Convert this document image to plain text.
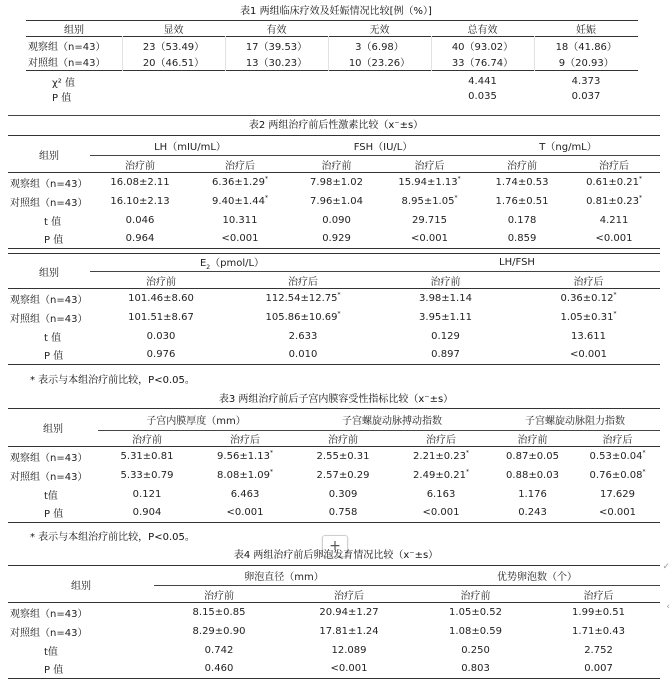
表1 两组临床疗效及妊娠情况比较[例（%）]
组别	显效	有效	无效	总有效	妊娠
观察组（n=43）	23（53.49）	17（39.53）	3（6.98）	40（93.02）	18（41.86）
对照组（n=43）	20（46.51）	13（30.23）	10（23.26）	33（76.74）	9（20.93）
χ² 值				4.441	4.373
P 值				0.035	0.037
表2 两组治疗前后性激素比较（x⁻±s）
组别	LH（mIU/mL）		FSH（IU/L）		T（ng/mL）	
	治疗前	治疗后	治疗前	治疗后	治疗前	治疗后
观察组（n=43）	16.08±2.11	6.36±1.29*	7.98±1.02	15.94±1.13*	1.74±0.53	0.61±0.21*
对照组（n=43）	16.10±2.13	9.40±1.44*	7.96±1.04	8.95±1.05*	1.76±0.51	0.81±0.23*
t 值	0.046	10.311	0.090	29.715	0.178	4.211
P 值	0.964	<0.001	0.929	<0.001	0.859	<0.001
组别	$E_2(pmol/L)$		LH/FSH	
	治疗前	治疗后	治疗前	治疗后
观察组（n=43）	101.46±8.60	112.54±12.75*	3.98±1.14	0.36±0.12*
对照组（n=43）	101.51±8.67	105.86±10.69*	3.95±1.11	1.05±0.31*
t 值	0.030	2.633	0.129	13.611
P 值	0.976	0.010	0.897	<0.001
* 表示与本组治疗前比较，P<0.05。
表3 两组治疗前后子宫内膜容受性指标比较（x⁻±s）
组别	子宫内膜厚度（mm）		子宫螺旋动脉搏动指数		子宫螺旋动脉阻力指数	
	治疗前	治疗后	治疗前	治疗后	治疗前	治疗后
观察组（n=43）	5.31±0.81	9.56±1.13*	2.55±0.31	2.21±0.23*	0.87±0.05	0.53±0.04*
对照组（n=43）	5.33±0.79	8.08±1.09*	2.57±0.29	2.49±0.21*	0.88±0.03	0.76±0.08*
t值	0.121	6.463	0.309	6.163	1.176	17.629
P 值	0.904	<0.001	0.758	<0.001	0.243	<0.001
* 表示与本组治疗前比较，P<0.05。
+
表4 两组治疗前后卵泡发育情况比较（x⁻±s）
组别	卵泡直径（mm）		优势卵泡数（个）	
	治疗前	治疗后	治疗前	治疗后
观察组（n=43）	8.15±0.85	20.94±1.27	1.05±0.52	1.99±0.51
对照组（n=43）	8.29±0.90	17.81±1.24	1.08±0.59	1.71±0.43
t值	0.742	12.089	0.250	2.752
P 值	0.460	<0.001	0.803	0.007
✓
‹
